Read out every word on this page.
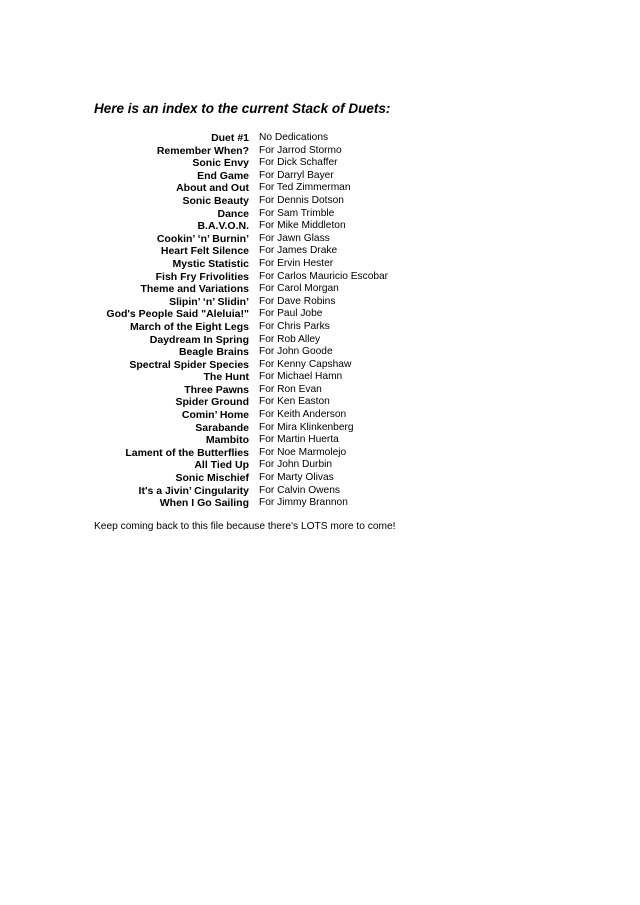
Here is an index to the current Stack of Duets:
Duet #1 No Dedications
Remember When? For Jarrod Stormo
Sonic Envy For Dick Schaffer
End Game For Darryl Bayer
About and Out For Ted Zimmerman
Sonic Beauty For Dennis Dotson
Dance For Sam Trimble
B.A.V.O.N. For Mike Middleton
Cookin’ ‘n’ Burnin’ For Jawn Glass
Heart Felt Silence For James Drake
Mystic Statistic For Ervin Hester
Fish Fry Frivolities For Carlos Mauricio Escobar
Theme and Variations For Carol Morgan
Slipin’ ‘n’ Slidin’ For Dave Robins
God's People Said "Aleluia!" For Paul Jobe
March of the Eight Legs For Chris Parks
Daydream In Spring For Rob Alley
Beagle Brains For John Goode
Spectral Spider Species For Kenny Capshaw
The Hunt For Michael Hamn
Three Pawns For Ron Evan
Spider Ground For Ken Easton
Comin’ Home For Keith Anderson
Sarabande For Mira Klinkenberg
Mambito For Martin Huerta
Lament of the Butterflies For Noe Marmolejo
All Tied Up For John Durbin
Sonic Mischief For Marty Olivas
It's a Jivin’ Cingularity For Calvin Owens
When I Go Sailing For Jimmy Brannon
Keep coming back to this file because there's LOTS more to come!
